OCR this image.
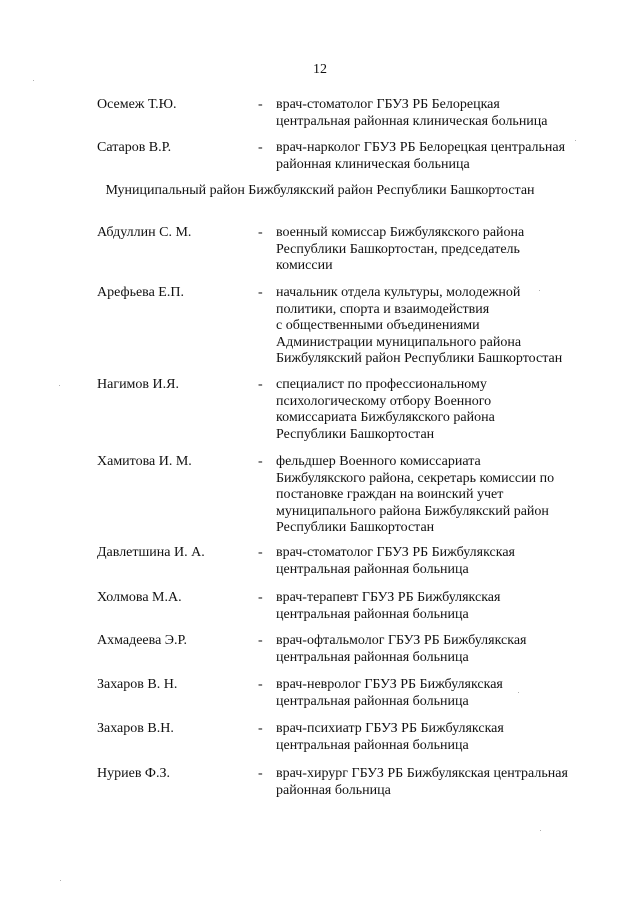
12
Осемеж Т.Ю.	- врач-стоматолог ГБУЗ РБ Белорецкая
центральная районная клиническая больница
Сатаров В.Р.	- врач-нарколог ГБУЗ РБ Белорецкая центральная
районная клиническая больница
Муниципальный район Бижбулякский район Республики Башкортостан
Абдуллин С. М.	- военный комиссар Бижбулякского района
Республики Башкортостан, председатель
комиссии
Арефьева Е.П.	- начальник отдела культуры, молодежной
политики, спорта и взаимодействия
с общественными объединениями
Администрации муниципального района
Бижбулякский район Республики Башкортостан
Нагимов И.Я.	- специалист по профессиональному
психологическому отбору Военного
комиссариата Бижбулякского района
Республики Башкортостан
Хамитова И. М.	- фельдшер Военного комиссариата
Бижбулякского района, секретарь комиссии по
постановке граждан на воинский учет
муниципального района Бижбулякский район
Республики Башкортостан
Давлетшина И. А.	- врач-стоматолог ГБУЗ РБ Бижбулякская
центральная районная больница
Холмова М.А.	- врач-терапевт ГБУЗ РБ Бижбулякская
центральная районная больница
Ахмадеева Э.Р.	- врач-офтальмолог ГБУЗ РБ Бижбулякская
центральная районная больница
Захаров В. Н.	- врач-невролог ГБУЗ РБ Бижбулякская
центральная районная больница
Захаров В.Н.	- врач-психиатр ГБУЗ РБ Бижбулякская
центральная районная больница
Нуриев Ф.З.	- врач-хирург ГБУЗ РБ Бижбулякская центральная
районная больница
